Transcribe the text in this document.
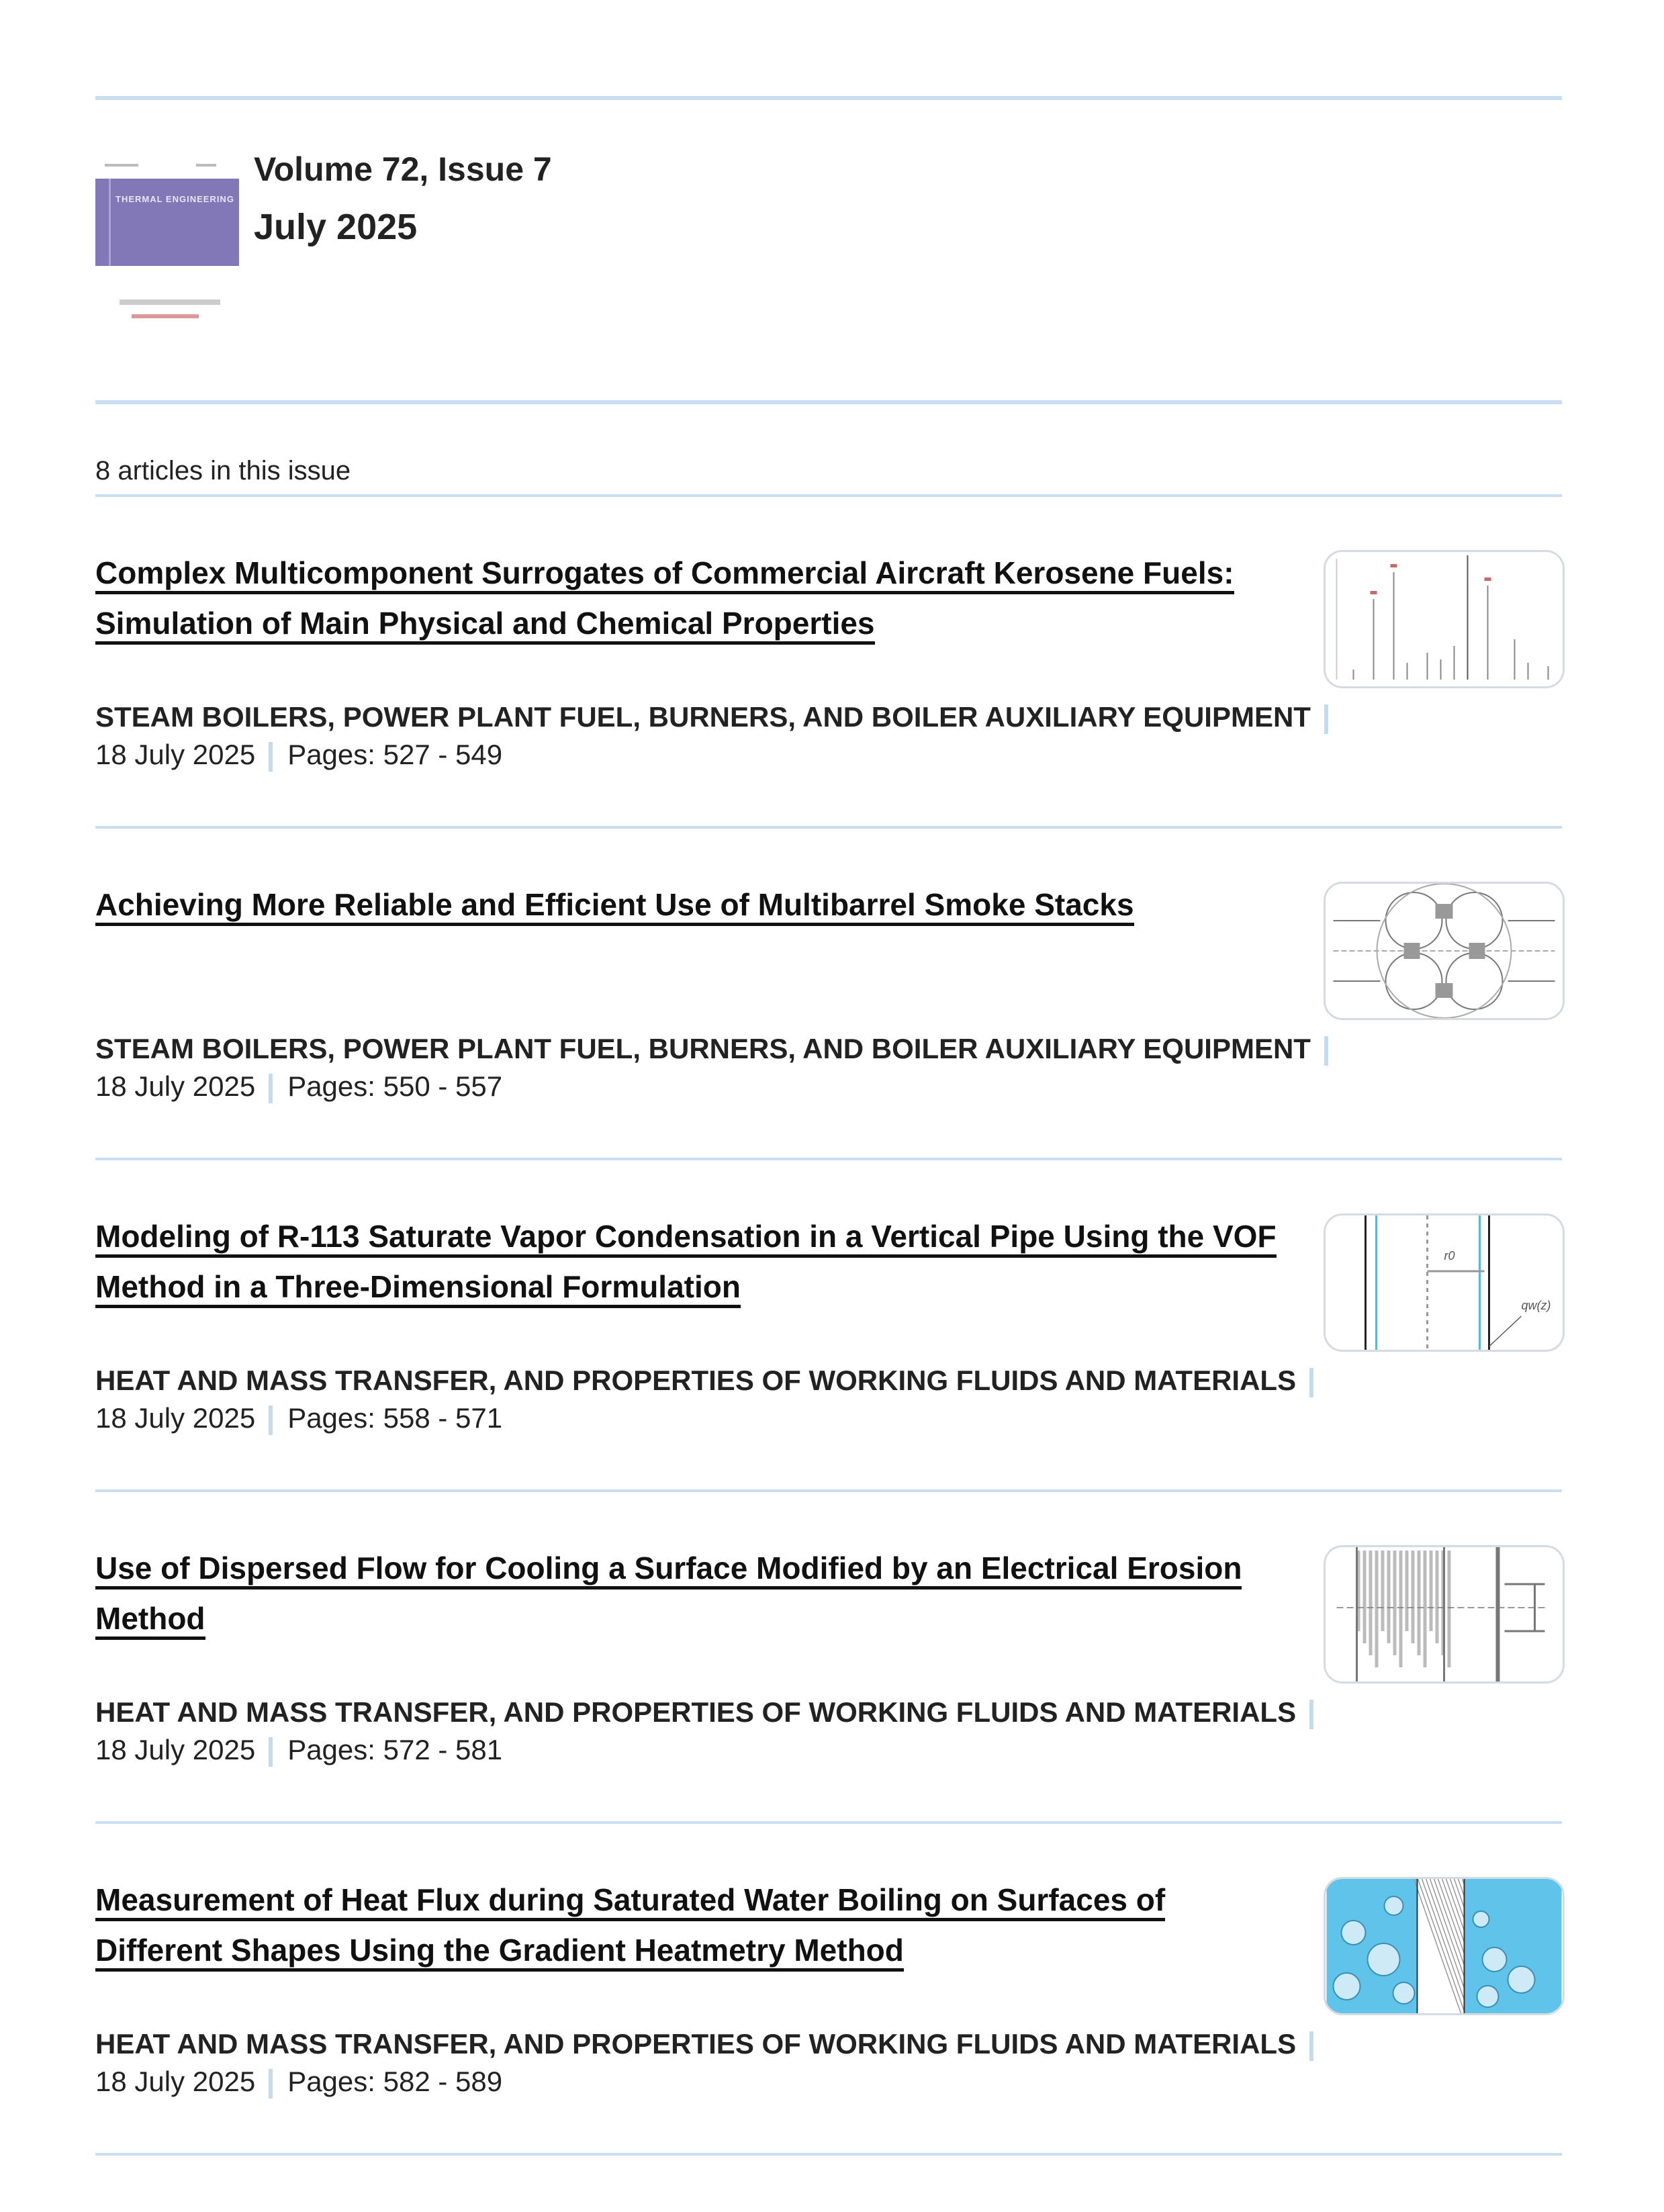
THERMAL ENGINEERING
Volume 72, Issue 7
July 2025
8 articles in this issue
Complex Multicomponent Surrogates of Commercial Aircraft Kerosene Fuels: Simulation of Main Physical and Chemical Properties
STEAM BOILERS, POWER PLANT FUEL, BURNERS, AND BOILER AUXILIARY EQUIPMENT
18 July 2025 Pages: 527 - 549
Achieving More Reliable and Efficient Use of Multibarrel Smoke Stacks
STEAM BOILERS, POWER PLANT FUEL, BURNERS, AND BOILER AUXILIARY EQUIPMENT
18 July 2025 Pages: 550 - 557
Modeling of R-113 Saturate Vapor Condensation in a Vertical Pipe Using the VOF Method in a Three-Dimensional Formulation
r0
qw(z)
HEAT AND MASS TRANSFER, AND PROPERTIES OF WORKING FLUIDS AND MATERIALS
18 July 2025 Pages: 558 - 571
Use of Dispersed Flow for Cooling a Surface Modified by an Electrical Erosion Method
HEAT AND MASS TRANSFER, AND PROPERTIES OF WORKING FLUIDS AND MATERIALS
18 July 2025 Pages: 572 - 581
Measurement of Heat Flux during Saturated Water Boiling on Surfaces of Different Shapes Using the Gradient Heatmetry Method
HEAT AND MASS TRANSFER, AND PROPERTIES OF WORKING FLUIDS AND MATERIALS
18 July 2025 Pages: 582 - 589
